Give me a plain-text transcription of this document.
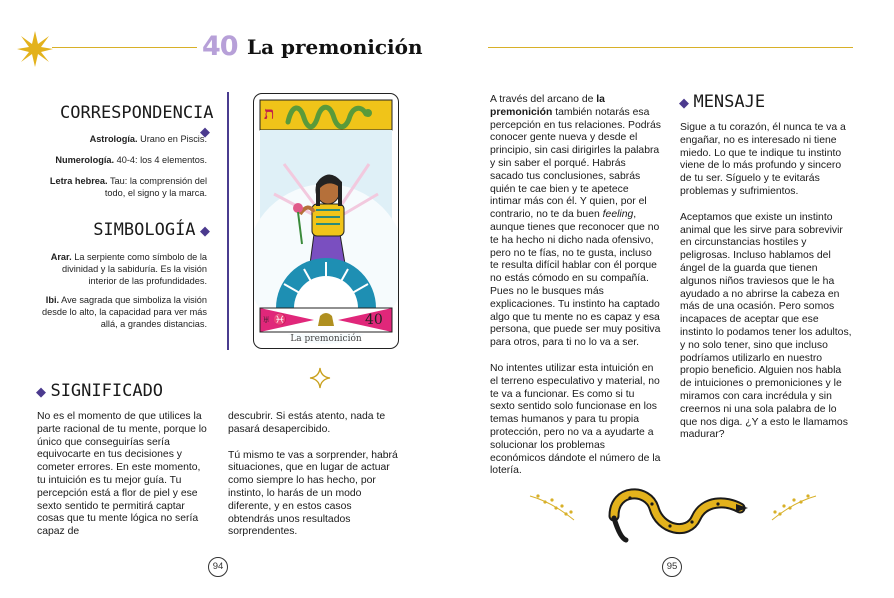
40 La premonición
CORRESPONDENCIA ◆
Astrología. Urano en Piscis.
Numerología. 40-4: los 4 elementos.
Letra hebrea. Tau: la comprensión del todo, el signo y la marca.
SIMBOLOGÍA ◆
Arar. La serpiente como símbolo de la divinidad y la sabiduría. Es la visión interior de las profundidades.
Ibi. Ave sagrada que simboliza la visión desde lo alto, la capacidad para ver más allá, a grandes distancias.
ת
♅ ♓	40
La premonición
◆ SIGNIFICADO
No es el momento de que utilices la parte racional de tu mente, porque lo único que conseguirías sería equivocarte en tus decisiones y cometer errores. En este momento, tu intuición es tu mejor guía. Tu percepción está a flor de piel y ese sexto sentido te permitirá captar cosas que tu mente lógica no sería capaz de
descubrir. Si estás atento, nada te pasará desapercibido.
Tú mismo te vas a sorprender, habrá situaciones, que en lugar de actuar como siempre lo has hecho, por instinto, lo harás de un modo diferente, y en estos casos obtendrás unos resultados sorprendentes.
94
A través del arcano de la premonición también notarás esa percepción en tus relaciones. Podrás conocer gente nueva y desde el principio, sin casi dirigirles la palabra y sin saber el porqué. Habrás sacado tus conclusiones, sabrás quién te cae bien y te apetece intimar más con él. Y quien, por el contrario, no te da buen feeling, aunque tienes que reconocer que no te ha hecho ni dicho nada ofensivo, pero no te fías, no te gusta, incluso te resulta difícil hablar con él porque no estás cómodo en su compañía. Pues no le busques más explicaciones. Tu instinto ha captado algo que tu mente no es capaz y esa persona, que puede ser muy positiva para otros, para ti no lo va a ser.
No intentes utilizar esta intuición en el terreno especulativo y material, no te va a funcionar. Es como si tu sexto sentido solo funcionase en los temas humanos y para tu propia protección, pero no va a ayudarte a solucionar los problemas económicos dándote el número de la lotería.
◆ MENSAJE
Sigue a tu corazón, él nunca te va a engañar, no es interesado ni tiene miedo. Lo que te indique tu instinto viene de lo más profundo y sincero de tu ser. Síguelo y te evitarás problemas y sufrimientos.
Aceptamos que existe un instinto animal que les sirve para sobrevivir en circunstancias hostiles y peligrosas. Incluso hablamos del ángel de la guarda que tienen algunos niños traviesos que le ha ayudado a no abrirse la cabeza en más de una ocasión. Pero somos incapaces de aceptar que ese instinto lo podamos tener los adultos, y no solo tener, sino que incluso podríamos utilizarlo en nuestro propio beneficio. Alguien nos habla de intuiciones o premoniciones y le miramos con cara incrédula y sin creernos ni una sola palabra de lo que nos diga. ¿Y a esto le llamamos madurar?
95
